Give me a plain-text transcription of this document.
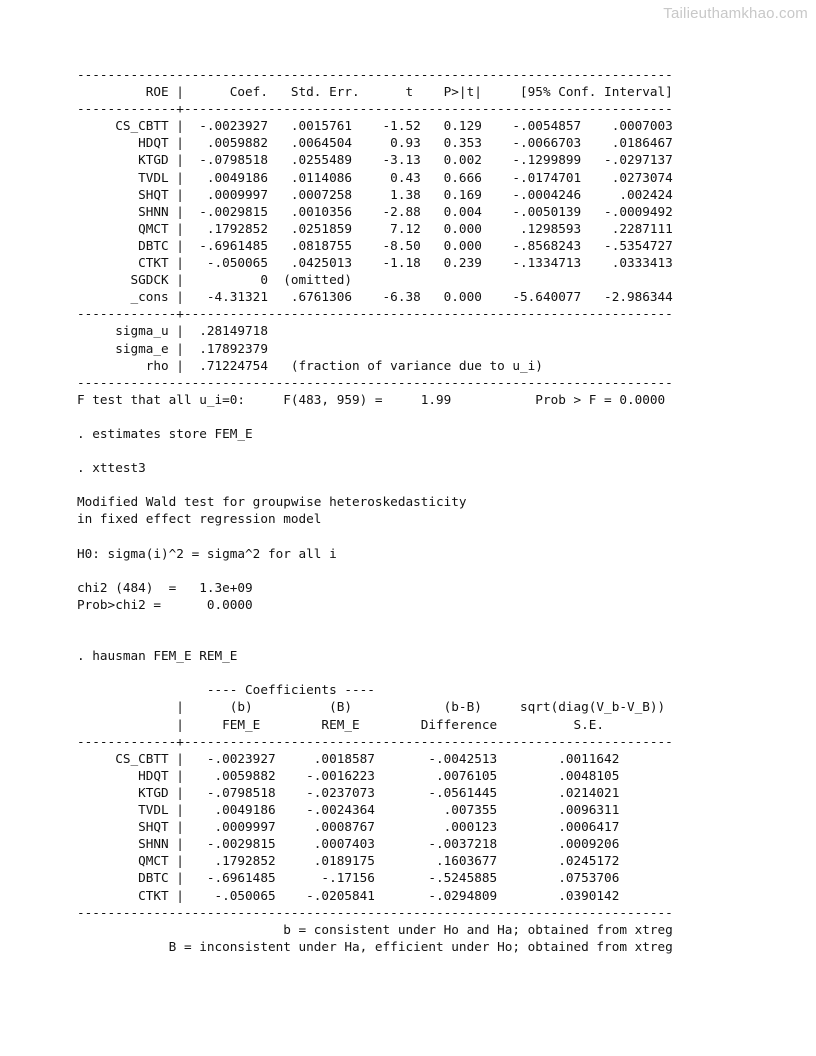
Tailieuthamkhao.com
------------------------------------------------------------------------------
ROE |      Coef.   Std. Err.      t    P>|t|     [95% Conf. Interval]
-------------+----------------------------------------------------------------
CS_CBTT |  -.0023927   .0015761    -1.52   0.129    -.0054857    .0007003
HDQT |   .0059882   .0064504     0.93   0.353    -.0066703    .0186467
KTGD |  -.0798518   .0255489    -3.13   0.002    -.1299899   -.0297137
TVDL |   .0049186   .0114086     0.43   0.666    -.0174701    .0273074
SHQT |   .0009997   .0007258     1.38   0.169    -.0004246     .002424
SHNN |  -.0029815   .0010356    -2.88   0.004    -.0050139   -.0009492
QMCT |   .1792852   .0251859     7.12   0.000     .1298593    .2287111
DBTC |  -.6961485   .0818755    -8.50   0.000    -.8568243   -.5354727
CTKT |   -.050065   .0425013    -1.18   0.239    -.1334713    .0333413
SGDCK |          0  (omitted)
_cons |   -4.31321   .6761306    -6.38   0.000    -5.640077   -2.986344
-------------+----------------------------------------------------------------
sigma_u |  .28149718
sigma_e |  .17892379
rho |  .71224754   (fraction of variance due to u_i)
------------------------------------------------------------------------------
F test that all u_i=0:     F(483, 959) =     1.99           Prob > F = 0.0000
. estimates store FEM_E
. xttest3
Modified Wald test for groupwise heteroskedasticity
in fixed effect regression model
H0: sigma(i)^2 = sigma^2 for all i
chi2 (484)  =   1.3e+09
Prob>chi2 =      0.0000
. hausman FEM_E REM_E
---- Coefficients ----
|      (b)          (B)            (b-B)     sqrt(diag(V_b-V_B))
|     FEM_E        REM_E        Difference          S.E.
-------------+----------------------------------------------------------------
CS_CBTT |   -.0023927     .0018587       -.0042513        .0011642
HDQT |    .0059882    -.0016223        .0076105        .0048105
KTGD |   -.0798518    -.0237073       -.0561445        .0214021
TVDL |    .0049186    -.0024364         .007355        .0096311
SHQT |    .0009997     .0008767         .000123        .0006417
SHNN |   -.0029815     .0007403       -.0037218        .0009206
QMCT |    .1792852     .0189175        .1603677        .0245172
DBTC |   -.6961485      -.17156       -.5245885        .0753706
CTKT |    -.050065    -.0205841       -.0294809        .0390142
------------------------------------------------------------------------------
b = consistent under Ho and Ha; obtained from xtreg
B = inconsistent under Ha, efficient under Ho; obtained from xtreg
